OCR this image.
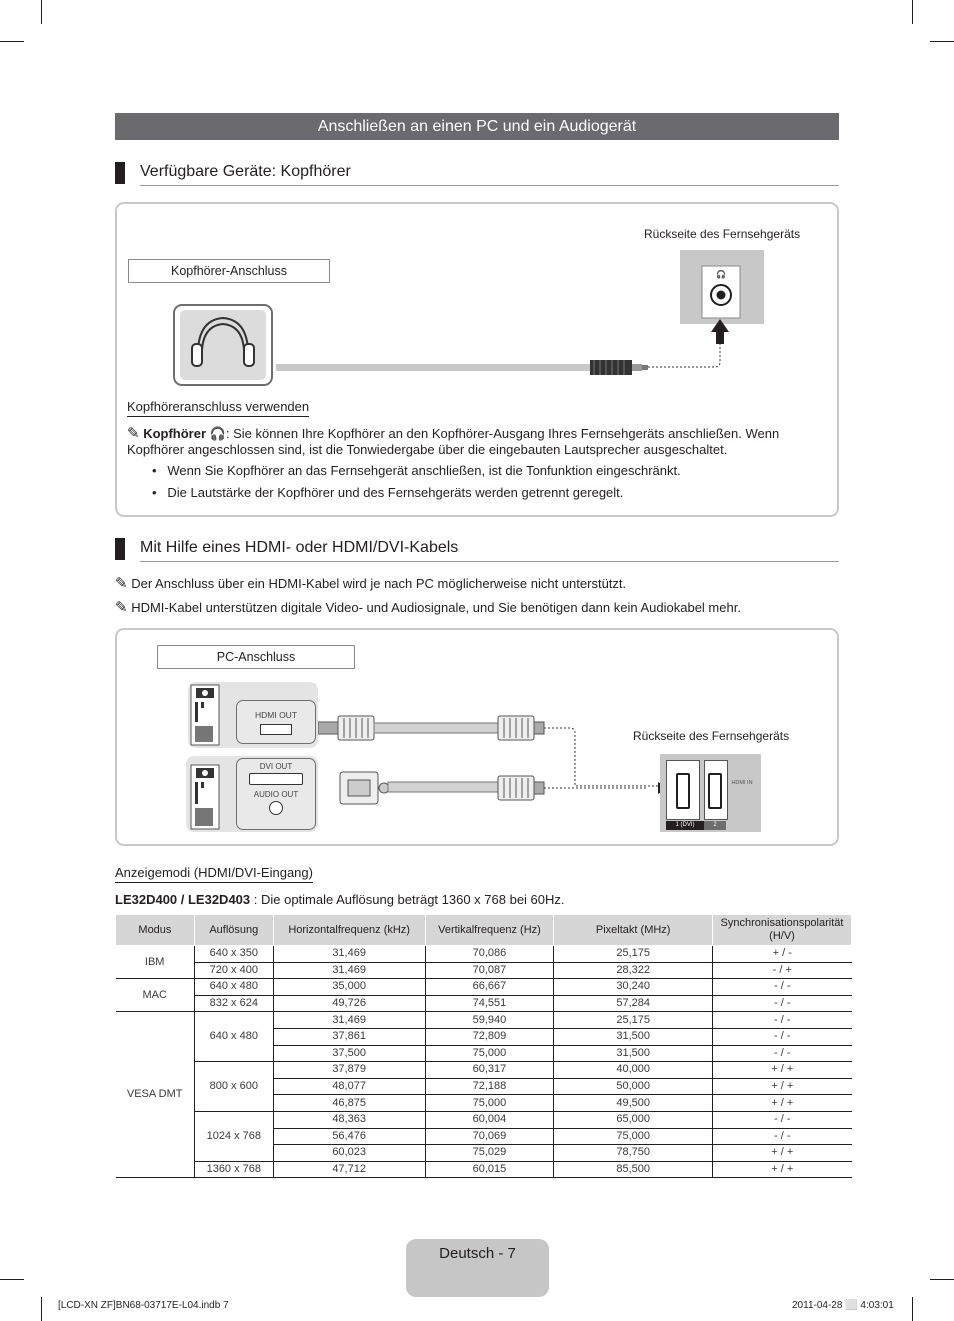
Anschließen an einen PC und ein Audiogerät
Verfügbare Geräte: Kopfhörer
Rückseite des Fernsehgeräts
Kopfhörer-Anschluss	🎧
Kopfhöreranschluss verwenden
✎ Kopfhörer 🎧: Sie können Ihre Kopfhörer an den Kopfhörer-Ausgang Ihres Fernsehgeräts anschließen. Wenn Kopfhörer angeschlossen sind, ist die Tonwiedergabe über die eingebauten Lautsprecher ausgeschaltet.
•   Wenn Sie Kopfhörer an das Fernsehgerät anschließen, ist die Tonfunktion eingeschränkt.
•   Die Lautstärke der Kopfhörer und des Fernsehgeräts werden getrennt geregelt.
Mit Hilfe eines HDMI- oder HDMI/DVI-Kabels
✎ Der Anschluss über ein HDMI-Kabel wird je nach PC möglicherweise nicht unterstützt.
✎ HDMI-Kabel unterstützen digitale Video- und Audiosignale, und Sie benötigen dann kein Audiokabel mehr.
PC-Anschluss
Rückseite des Fernsehgeräts
HDMI OUT
DVI OUT
AUDIO OUT
HDMI IN
1 (DVI)	2
Anzeigemodi (HDMI/DVI-Eingang)
LE32D400 / LE32D403 : Die optimale Auflösung beträgt 1360 x 768 bei 60Hz.
Modus	Auflösung	Horizontalfrequenz (kHz)	Vertikalfrequenz (Hz)	Pixeltakt (MHz)	Synchronisationspolarität (H/V)
IBM	640 x 350	31,469	70,086	25,175	+ / -
	720 x 400	31,469	70,087	28,322	- / +
MAC	640 x 480	35,000	66,667	30,240	- / -
	832 x 624	49,726	74,551	57,284	- / -
VESA DMT	640 x 480	31,469	59,940	25,175	- / -
		37,861	72,809	31,500	- / -
		37,500	75,000	31,500	- / -
	800 x 600	37,879	60,317	40,000	+ / +
		48,077	72,188	50,000	+ / +
		46,875	75,000	49,500	+ / +
	1024 x 768	48,363	60,004	65,000	- / -
		56,476	70,069	75,000	- / -
		60,023	75,029	78,750	+ / +
	1360 x 768	47,712	60,015	85,500	+ / +
Deutsch - 7
[LCD-XN ZF]BN68-03717E-L04.indb 7	2011-04-28 ⬜ 4:03:01
